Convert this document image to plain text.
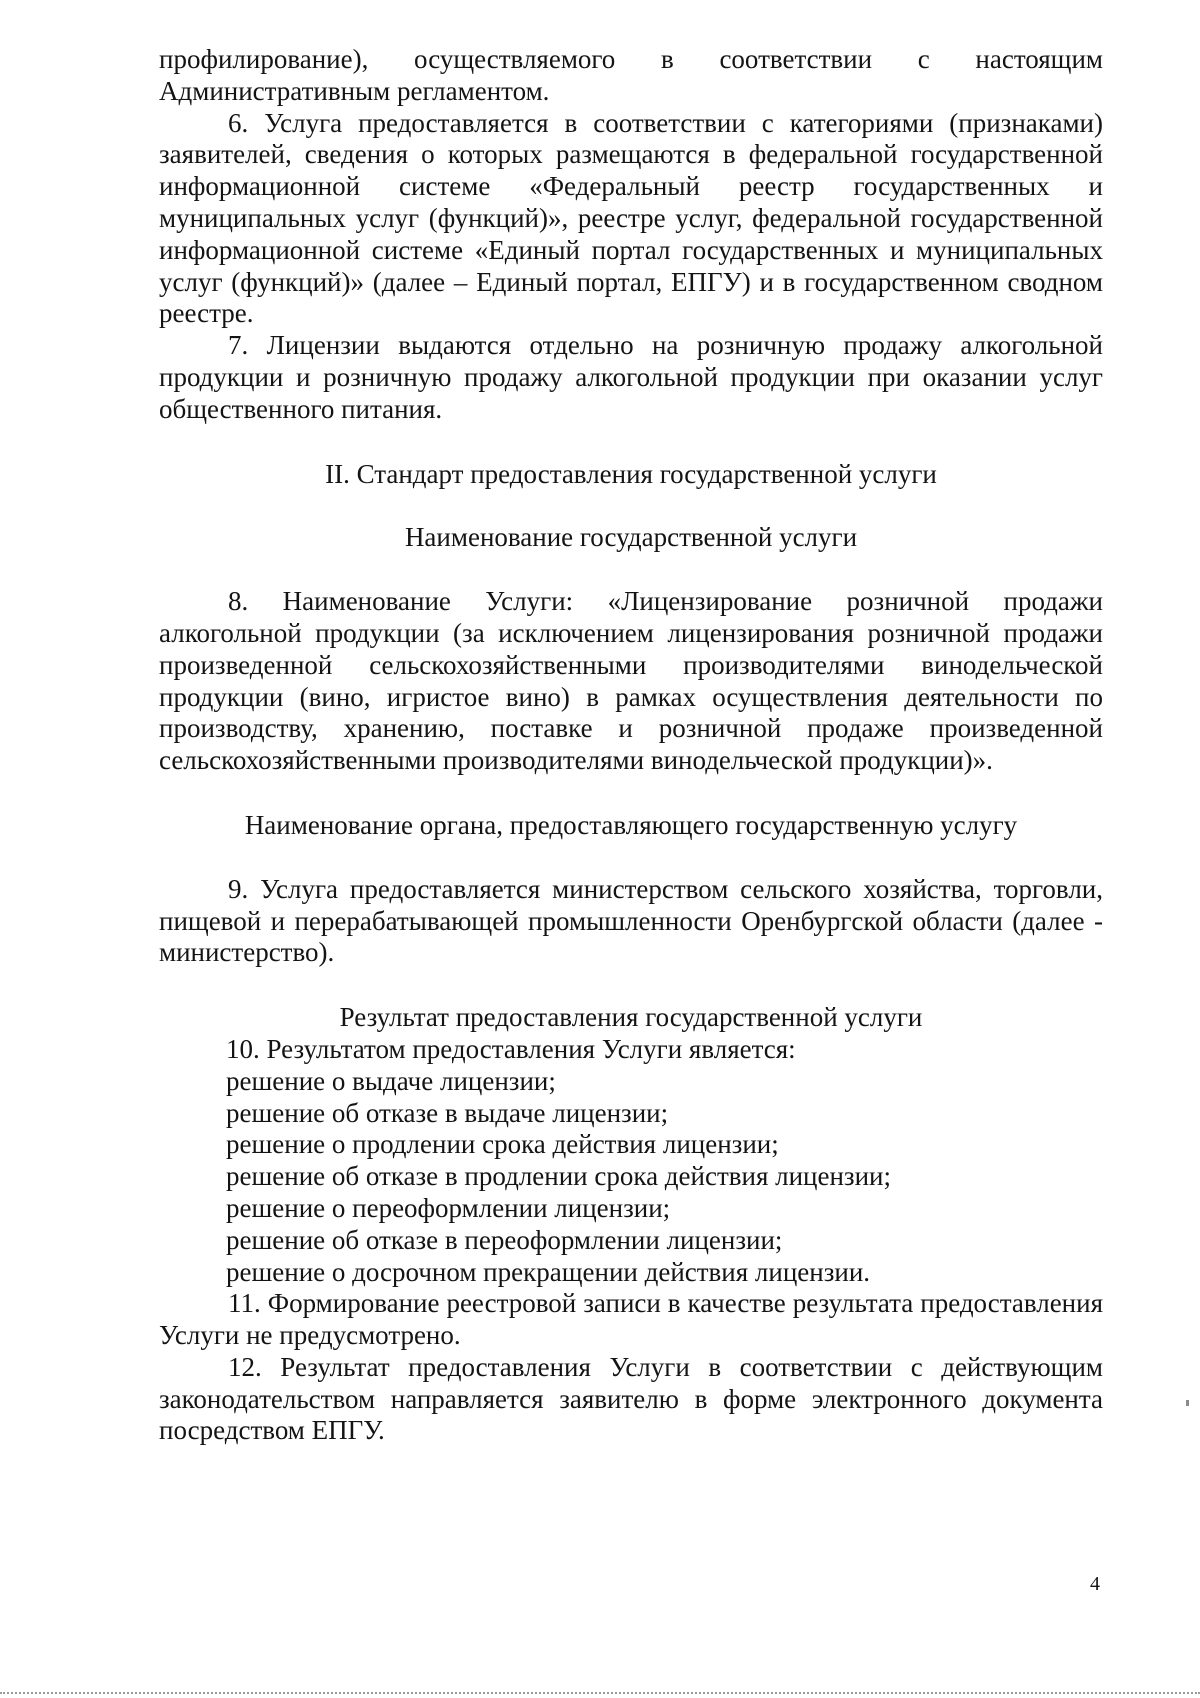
профилирование), осуществляемого в соответствии с настоящим Административным регламентом.

6. Услуга предоставляется в соответствии с категориями (признаками) заявителей, сведения о которых размещаются в федеральной государственной информационной системе «Федеральный реестр государственных и муниципальных услуг (функций)», реестре услуг, федеральной государственной информационной системе «Единый портал государственных и муниципальных услуг (функций)» (далее – Единый портал, ЕПГУ) и в государственном сводном реестре.

7. Лицензии выдаются отдельно на розничную продажу алкогольной продукции и розничную продажу алкогольной продукции при оказании услуг общественного питания.

II. Стандарт предоставления государственной услуги

Наименование государственной услуги

8. Наименование Услуги: «Лицензирование розничной продажи алкогольной продукции (за исключением лицензирования розничной продажи произведенной сельскохозяйственными производителями винодельческой продукции (вино, игристое вино) в рамках осуществления деятельности по производству, хранению, поставке и розничной продаже произведенной сельскохозяйственными производителями винодельческой продукции)».

Наименование органа, предоставляющего государственную услугу

9. Услуга предоставляется министерством сельского хозяйства, торговли, пищевой и перерабатывающей промышленности Оренбургской области (далее - министерство).

Результат предоставления государственной услуги

10. Результатом предоставления Услуги является:

решение о выдаче лицензии;

решение об отказе в выдаче лицензии;

решение о продлении срока действия лицензии;

решение об отказе в продлении срока действия лицензии;

решение о переоформлении лицензии;

решение об отказе в переоформлении лицензии;

решение о досрочном прекращении действия лицензии.

11. Формирование реестровой записи в качестве результата предоставления Услуги не предусмотрено.

12. Результат предоставления Услуги в соответствии с действующим законодательством направляется заявителю в форме электронного документа посредством ЕПГУ.

4
